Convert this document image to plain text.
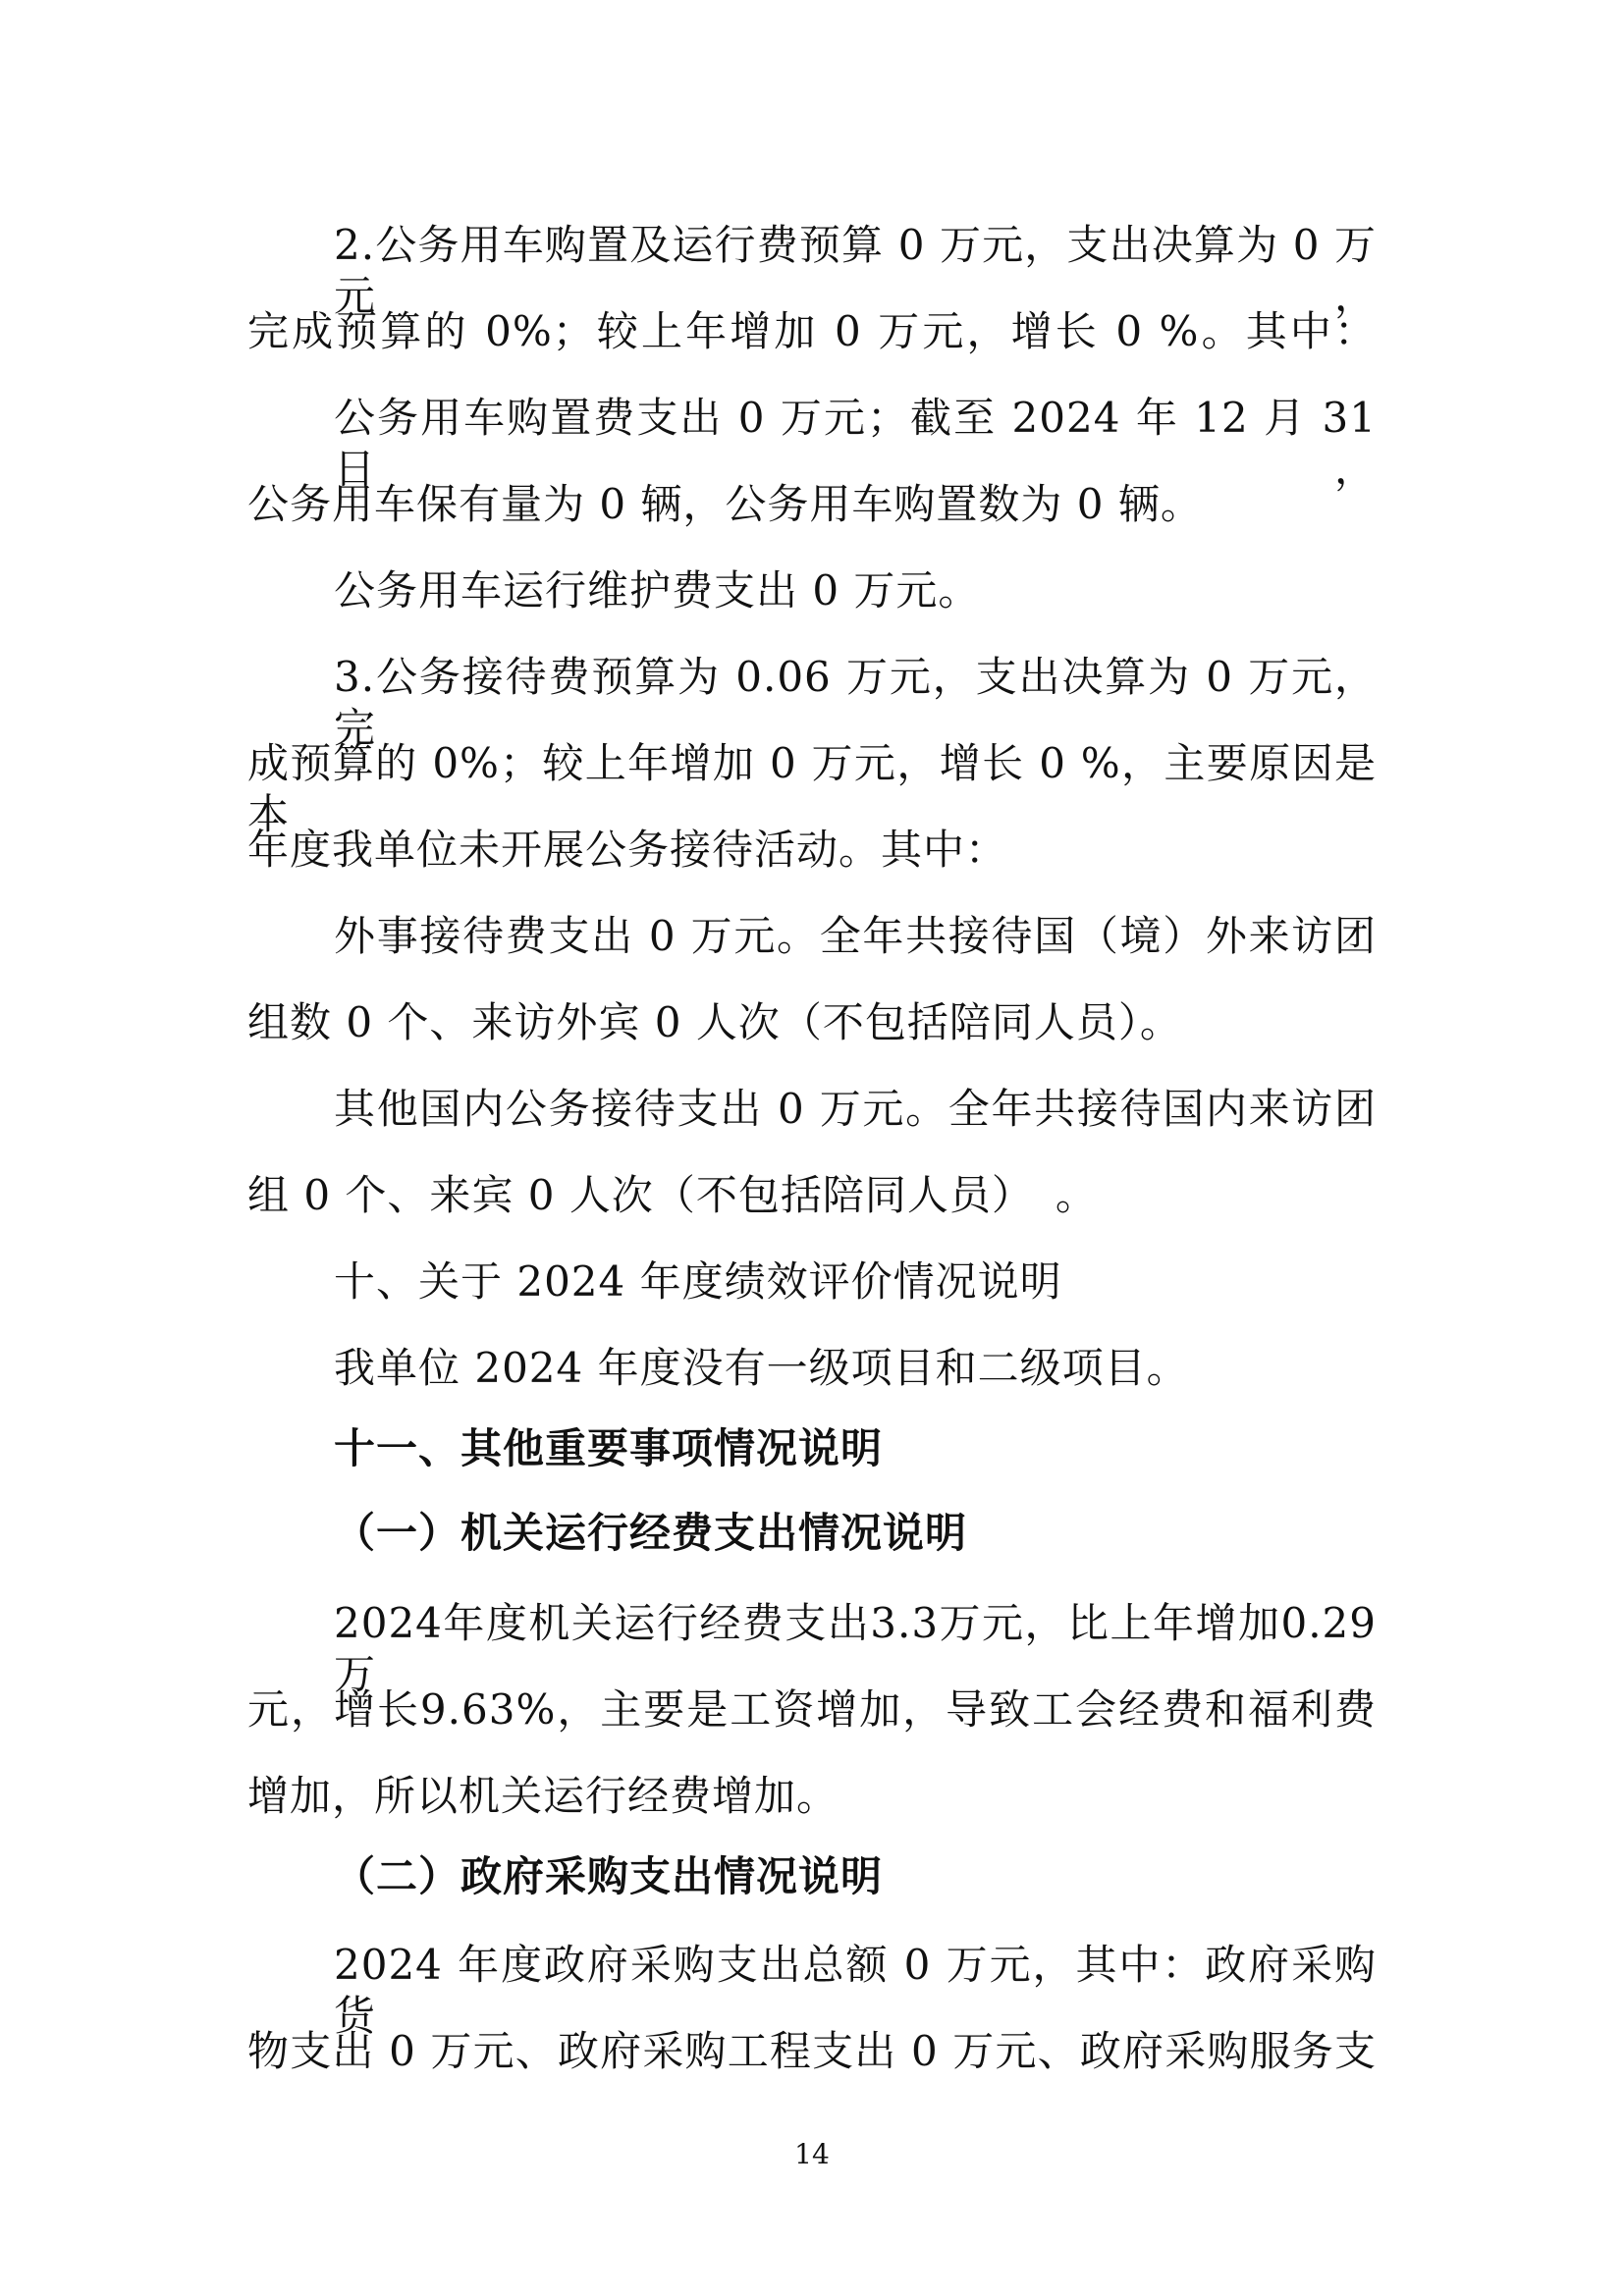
2.公务用车购置及运行费预算 0 万元，支出决算为 0 万元，
完成预算的 0%；较上年增加 0 万元，增长 0 %。其中：
公务用车购置费支出 0 万元；截至 2024 年 12 月 31 日，
公务用车保有量为 0 辆，公务用车购置数为 0 辆。
公务用车运行维护费支出 0 万元。
3.公务接待费预算为 0.06 万元，支出决算为 0 万元，完
成预算的 0%；较上年增加 0 万元，增长 0 %，主要原因是本
年度我单位未开展公务接待活动。其中：
外事接待费支出 0 万元。全年共接待国（境）外来访团
组数 0 个、来访外宾 0 人次（不包括陪同人员）。
其他国内公务接待支出 0 万元。全年共接待国内来访团
组 0 个、来宾 0 人次（不包括陪同人员）　。
十、关于 2024 年度绩效评价情况说明
我单位 2024 年度没有一级项目和二级项目。
十一、其他重要事项情况说明
（一）机关运行经费支出情况说明
2024年度机关运行经费支出3.3万元，比上年增加0.29万
元，增长9.63%，主要是工资增加，导致工会经费和福利费
增加，所以机关运行经费增加。
（二）政府采购支出情况说明
2024 年度政府采购支出总额 0 万元，其中：政府采购货
物支出 0 万元、政府采购工程支出 0 万元、政府采购服务支
14
